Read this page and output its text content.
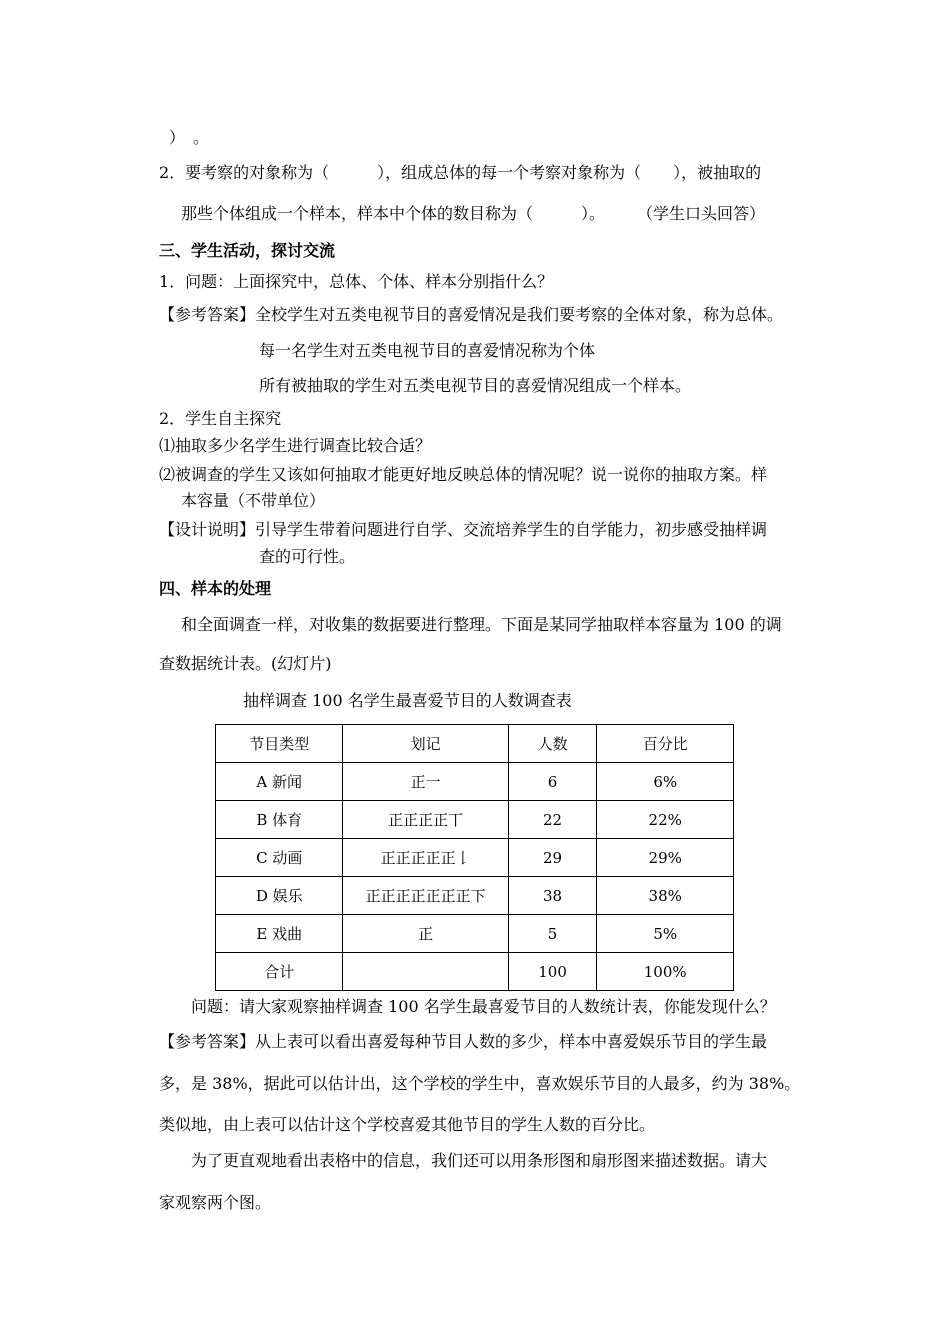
）　。
2．要考察的对象称为（　　　），组成总体的每一个考察对象称为（　　），被抽取的
那些个体组成一个样本，样本中个体的数目称为（　　　）。　　　（学生口头回答）
三、学生活动，探讨交流
1．问题：上面探究中，总体、个体、样本分别指什么？
【参考答案】全校学生对五类电视节目的喜爱情况是我们要考察的全体对象，称为总体。
每一名学生对五类电视节目的喜爱情况称为个体
所有被抽取的学生对五类电视节目的喜爱情况组成一个样本。
2．学生自主探究
⑴抽取多少名学生进行调查比较合适？
⑵被调查的学生又该如何抽取才能更好地反映总体的情况呢？说一说你的抽取方案。样
本容量（不带单位）
【设计说明】引导学生带着问题进行自学、交流培养学生的自学能力，初步感受抽样调
查的可行性。
四、样本的处理
和全面调查一样，对收集的数据要进行整理。下面是某同学抽取样本容量为 100 的调
查数据统计表。(幻灯片)
抽样调查 100 名学生最喜爱节目的人数调查表
节目类型	划记	人数	百分比
A 新闻	正一	6	6%
B 体育	正正正正丅	22	22%
C 动画	正正正正正𠄌	29	29%
D 娱乐	正正正正正正正下	38	38%
E 戏曲	正	5	5%
合计		100	100%
问题：请大家观察抽样调查 100 名学生最喜爱节目的人数统计表，你能发现什么？
【参考答案】从上表可以看出喜爱每种节目人数的多少，样本中喜爱娱乐节目的学生最
多，是 38%，据此可以估计出，这个学校的学生中，喜欢娱乐节目的人最多，约为 38%。
类似地，由上表可以估计这个学校喜爱其他节目的学生人数的百分比。
为了更直观地看出表格中的信息，我们还可以用条形图和扇形图来描述数据。请大
家观察两个图。
